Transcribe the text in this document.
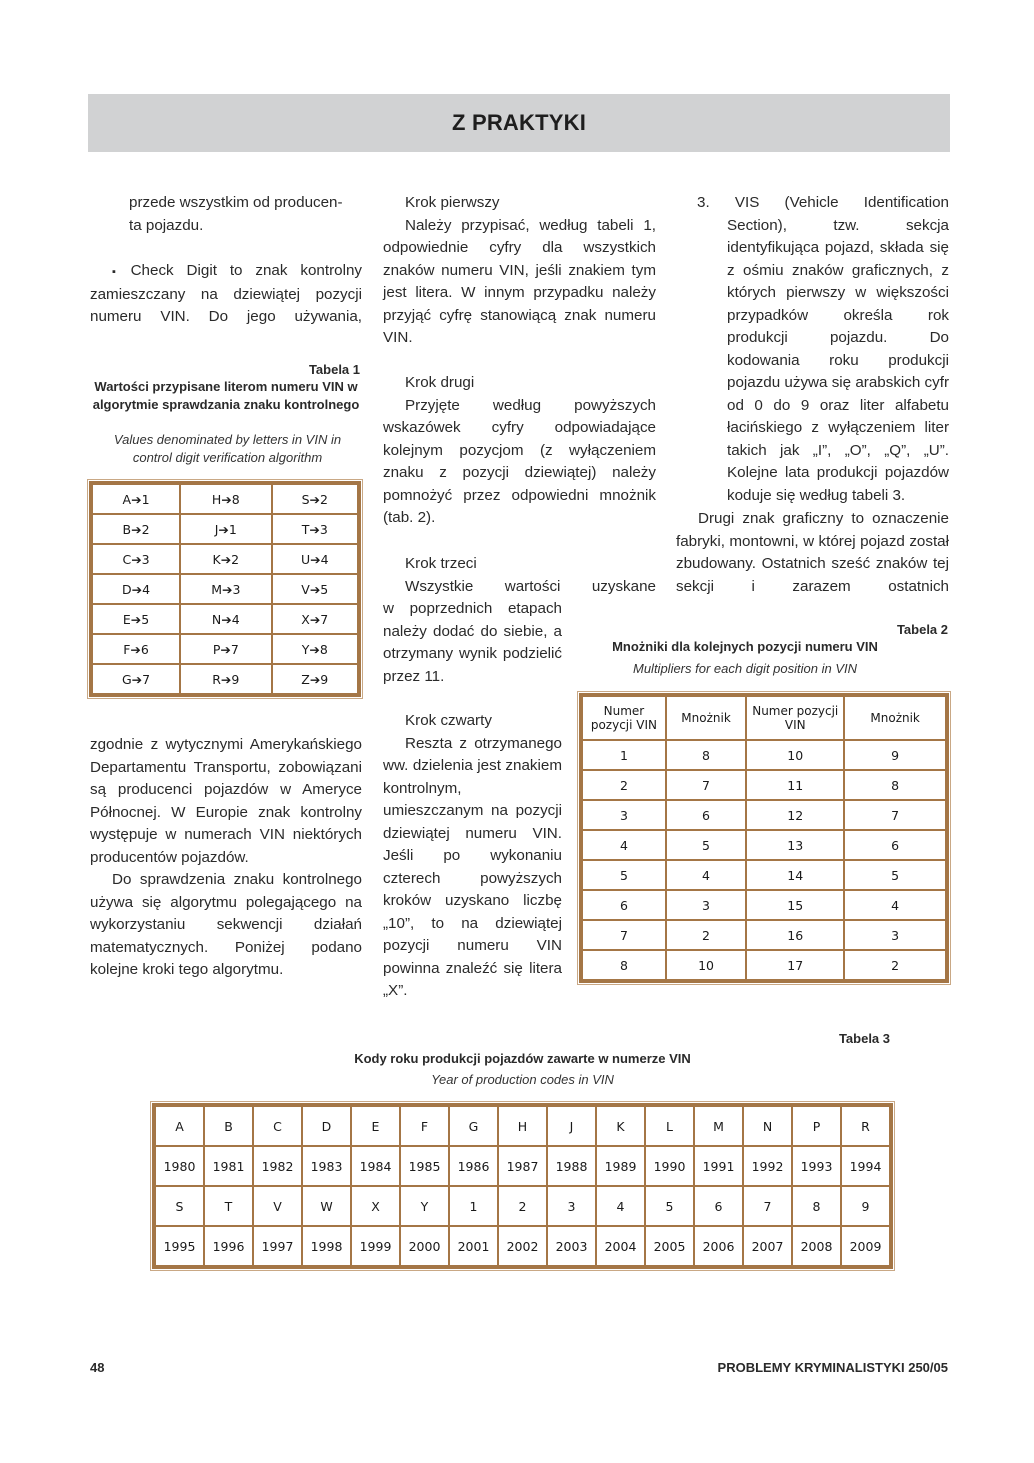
Z PRAKTYKI

przede wszystkim od producen-

ta pojazdu.

▪ Check Digit to znak kontrolny zamieszczany na dziewiątej pozycji numeru VIN. Do jego używania,

Tabela 1
Wartości przypisane literom numeru VIN w algorytmie sprawdzania znaku kontrolnego
Values denominated by letters in VIN in control digit verification algorithm
A➔1	H➔8	S➔2
B➔2	J➔1	T➔3
C➔3	K➔2	U➔4
D➔4	M➔3	V➔5
E➔5	N➔4	X➔7
F➔6	P➔7	Y➔8
G➔7	R➔9	Z➔9

zgodnie z wytycznymi Amerykańskiego Departamentu Transportu, zobowiązani są producenci pojazdów w Ameryce Północnej. W Europie znak kontrolny występuje w numerach VIN niektórych producentów pojazdów.

Do sprawdzenia znaku kontrolnego używa się algorytmu polegającego na wykorzystaniu sekwencji działań matematycznych. Poniżej podano kolejne kroki tego algorytmu.

Krok pierwszy

Należy przypisać, według tabeli 1, odpowiednie cyfry dla wszystkich znaków numeru VIN, jeśli znakiem tym jest litera. W innym przypadku należy przyjąć cyfrę stanowiącą znak numeru VIN.

Krok drugi

Przyjęte według powyższych wskazówek cyfry odpowiadające kolejnym pozycjom (z wyłączeniem znaku z pozycji dziewiątej) należy pomnożyć przez odpowiedni mnożnik (tab. 2).

Krok trzeci

Wszystkie wartości uzyskane

w poprzednich etapach należy dodać do siebie, a otrzymany wynik podzielić przez 11.

Krok czwarty

Reszta z otrzymanego ww. dzielenia jest znakiem kontrolnym, umieszczanym na pozycji dziewiątej numeru VIN. Jeśli po wykonaniu czterech powyższych kroków uzyskano liczbę „10”, to na dziewiątej pozycji numeru VIN powinna znaleźć się litera „X”.

3. VIS (Vehicle Identification Section), tzw. sekcja identyfikująca pojazd, składa się z ośmiu znaków graficznych, z których pierwszy w większości przypadków określa rok produkcji pojazdu. Do kodowania roku produkcji pojazdu używa się arabskich cyfr od 0 do 9 oraz liter alfabetu łacińskiego z wyłączeniem liter takich jak „I”, „O”, „Q”, „U”. Kolejne lata produkcji pojazdów koduje się według tabeli 3.

Drugi znak graficzny to oznaczenie fabryki, montowni, w której pojazd został zbudowany. Ostatnich sześć znaków tej sekcji i zarazem ostatnich

Tabela 2
Mnożniki dla kolejnych pozycji numeru VIN
Multipliers for each digit position in VIN
Numer pozycji VIN	Mnożnik	Numer pozycji VIN	Mnożnik
1	8	10	9
2	7	11	8
3	6	12	7
4	5	13	6
5	4	14	5
6	3	15	4
7	2	16	3
8	10	17	2
Tabela 3
Kody roku produkcji pojazdów zawarte w numerze VIN
Year of production codes in VIN
A	B	C	D	E	F	G	H	J	K	L	M	N	P	R
1980	1981	1982	1983	1984	1985	1986	1987	1988	1989	1990	1991	1992	1993	1994
S	T	V	W	X	Y	1	2	3	4	5	6	7	8	9
1995	1996	1997	1998	1999	2000	2001	2002	2003	2004	2005	2006	2007	2008	2009
48	PROBLEMY KRYMINALISTYKI 250/05
